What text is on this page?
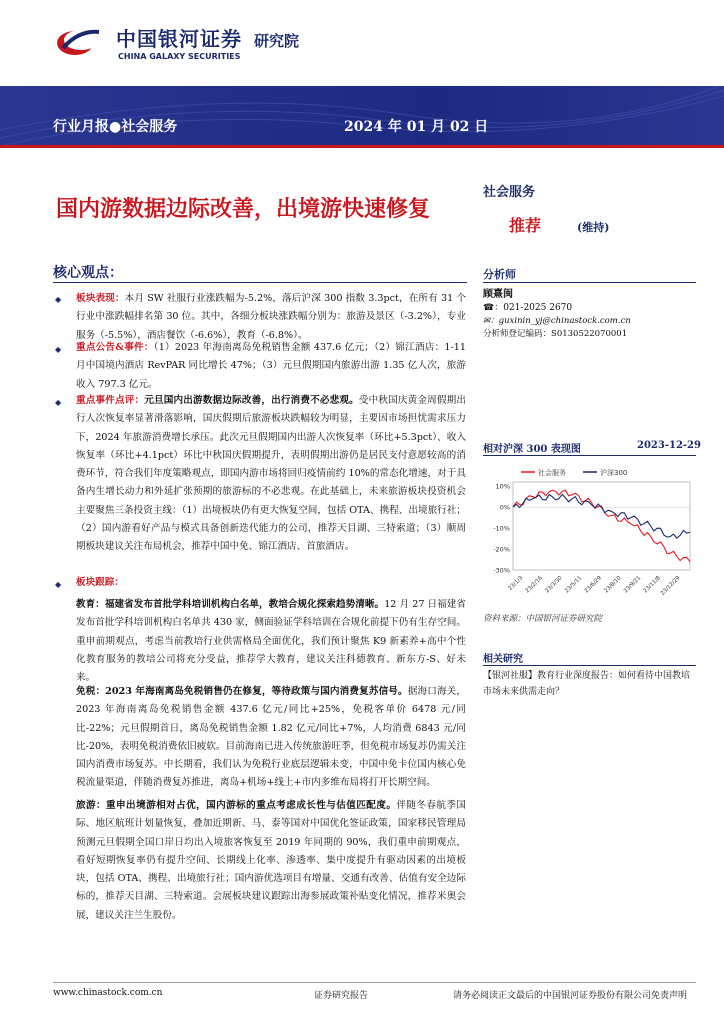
中国银河证券
CHINA GALAXY SECURITIES
研究院
行业月报●社会服务	2024 年 01 月 02 日
国内游数据边际改善，出境游快速修复
社会服务
推荐	(维持)
核心观点：	分析师
顾熹闽
☎：021-2025 2670
✉：guxinin_yj@chinastock.com.cn
分析师登记编码：S0130522070001
◆ 板块表现：本月 SW 社服行业涨跌幅为-5.2%，落后沪深 300 指数 3.3pct，在所有 31 个行业中涨跌幅排名第 30 位。其中，各细分板块涨跌幅分别为：旅游及景区（-3.2%），专业服务（-5.5%），酒店餐饮（-6.6%），教育（-6.8%）。
◆ 重点公告&事件：（1）2023 年海南离岛免税销售金额 437.6 亿元；（2）锦江酒店：1-11 月中国境内酒店 RevPAR 同比增长 47%；（3）元旦假期国内旅游出游 1.35 亿人次，旅游收入 797.3 亿元。
◆ 重点事件点评：元旦国内出游数据边际改善，出行消费不必悲观。受中秋国庆黄金周假期出行人次恢复率显著滑落影响，国庆假期后旅游板块跌幅较为明显，主要因市场担忧需求压力下，2024 年旅游消费增长承压。此次元旦假期国内出游人次恢复率（环比+5.3pct）、收入恢复率（环比+4.1pct）环比中秋国庆假期提升，表明假期出游仍是居民支付意愿较高的消费环节，符合我们年度策略观点，即国内游市场将回归疫情前约 10%的常态化增速，对于具备内生增长动力和外延扩张预期的旅游标的不必悲观。在此基础上，未来旅游板块投资机会主要聚焦三条投资主线：（1）出境板块仍有更大恢复空间，包括 OTA、携程、出境旅行社；（2）国内游看好产品与模式具备创新迭代能力的公司，推荐天目湖、三特索道；（3）顺周期板块建议关注布局机会，推荐中国中免、锦江酒店、首旅酒店。
◆ 板块跟踪：
教育：福建省发布首批学科培训机构白名单，教培合规化探索趋势清晰。12 月 27 日福建省发布首批学科培训机构白名单共 430 家，侧面验证学科培训在合规化前提下仍有生存空间。重申前期观点，考虑当前教培行业供需格局全面优化，我们预计聚焦 K9 新素养+高中个性化教育服务的教培公司将充分受益，推荐学大教育，建议关注科德教育、新东方-S、好未来。
免税：2023 年海南离岛免税销售仍在修复，等待政策与国内消费复苏信号。据海口海关，2023 年海南离岛免税销售金额 437.6 亿元/同比+25%，免税客单价 6478 元/同比-22%；元旦假期首日，离岛免税销售金额 1.82 亿元/同比+7%，人均消费 6843 元/同比-20%，表明免税消费依旧疲软。目前海南已进入传统旅游旺季，但免税市场复苏仍需关注国内消费市场复苏。中长期看，我们认为免税行业底层逻辑未变，中国中免卡位国内核心免税流量渠道，伴随消费复苏推进，离岛+机场+线上+市内多维布局将打开长期空间。
旅游：重申出境游相对占优，国内游标的重点考虑成长性与估值匹配度。伴随冬春航季国际、地区航班计划量恢复，叠加近期新、马、泰等国对中国优化签证政策，国家移民管理局预测元旦假期全国口岸日均出入境旅客恢复至 2019 年同期的 90%，我们重申前期观点，看好短期恢复率仍有提升空间、长期线上化率、渗透率、集中度提升有驱动因素的出境板块，包括 OTA、携程、出境旅行社；国内游优选项目有增量、交通有改善、估值有安全边际标的，推荐天目湖、三特索道。会展板块建议跟踪出海参展政策补贴变化情况，推荐米奥会展，建议关注兰生股份。
相对沪深 300 表现图	2023-12-29
社会服务	沪深300
10%
0%
-10%
-20%
-30%
23/1/3 23/2/16 23/3/30 23/5/11 23/6/29 23/8/10 23/9/21 23/11/8
23/12/29
资料来源：中国银河证券研究院
相关研究
【银河社服】教育行业深度报告：如何看待中国教培市场未来供需走向？
www.chinastock.com.cn	证券研究报告	请务必阅读正文最后的中国银河证券股份有限公司免责声明
